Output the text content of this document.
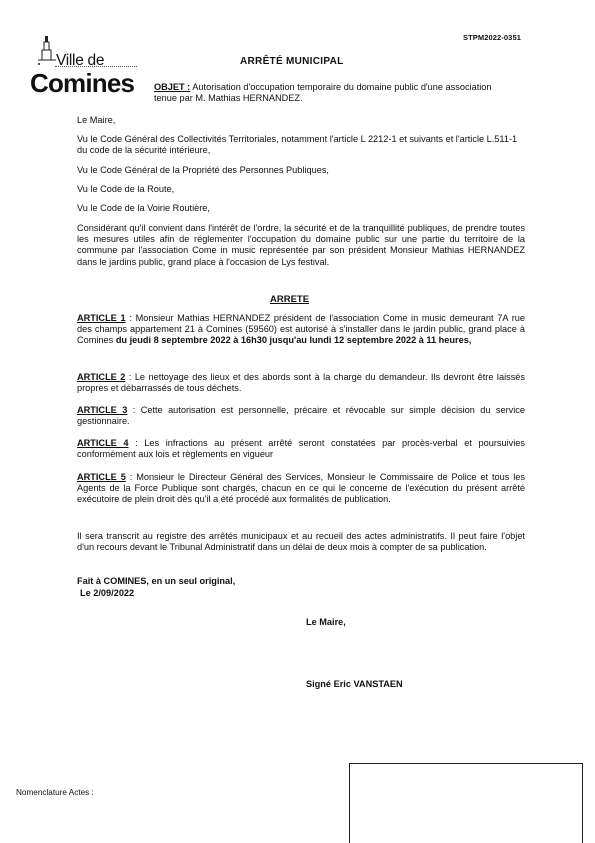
STPM2022-0351
Ville de
Comines
ARRÊTÉ MUNICIPAL
OBJET : Autorisation d'occupation temporaire du domaine public d'une association tenue par M. Mathias HERNANDEZ.

Le Maire,

Vu le Code Général des Collectivités Territoriales, notamment l'article L 2212-1 et suivants et l'article L.511-1 du code de la sécurité intérieure,

Vu le Code Général de la Propriété des Personnes Publiques,

Vu le Code de la Route,

Vu le Code de la Voirie Routière,

Considérant qu'il convient dans l'intérêt de l'ordre, la sécurité et de la tranquillité publiques, de prendre toutes les mesures utiles afin de réglementer l'occupation du domaine public sur une partie du territoire de la commune par l'association Come in music représentée par son président Monsieur Mathias HERNANDEZ dans le jardins public, grand place à l'occasion de Lys festival.

ARTICLE 1 : Monsieur Mathias HERNANDEZ président de l'association Come in music demeurant 7A rue des champs appartement 21 à Comines (59560) est autorisé à s'installer dans le jardin public, grand place à Comines du jeudi 8 septembre 2022 à 16h30 jusqu'au lundi 12 septembre 2022 à 11 heures,

ARTICLE 2 : Le nettoyage des lieux et des abords sont à la charge du demandeur. Ils devront être laissés propres et débarrassés de tous déchets.

ARTICLE 3 : Cette autorisation est personnelle, précaire et révocable sur simple décision du service gestionnaire.

ARTICLE 4 : Les infractions au présent arrêté seront constatées par procès-verbal et poursuivies conformément aux lois et règlements en vigueur

ARTICLE 5 : Monsieur le Directeur Général des Services, Monsieur le Commissaire de Police et tous les Agents de la Force Publique sont chargés, chacun en ce qui le concerne de l'exécution du présent arrêté exécutoire de plein droit dès qu'il a été procédé aux formalités de publication.

Il sera transcrit au registre des arrêtés municipaux et au recueil des actes administratifs. Il peut faire l'objet d'un recours devant le Tribunal Administratif dans un délai de deux mois à compter de sa publication.

ARRETE
Fait à COMINES, en un seul original,
Le 2/09/2022
Le Maire,
Signé Eric VANSTAEN
Nomenclature Actes :
